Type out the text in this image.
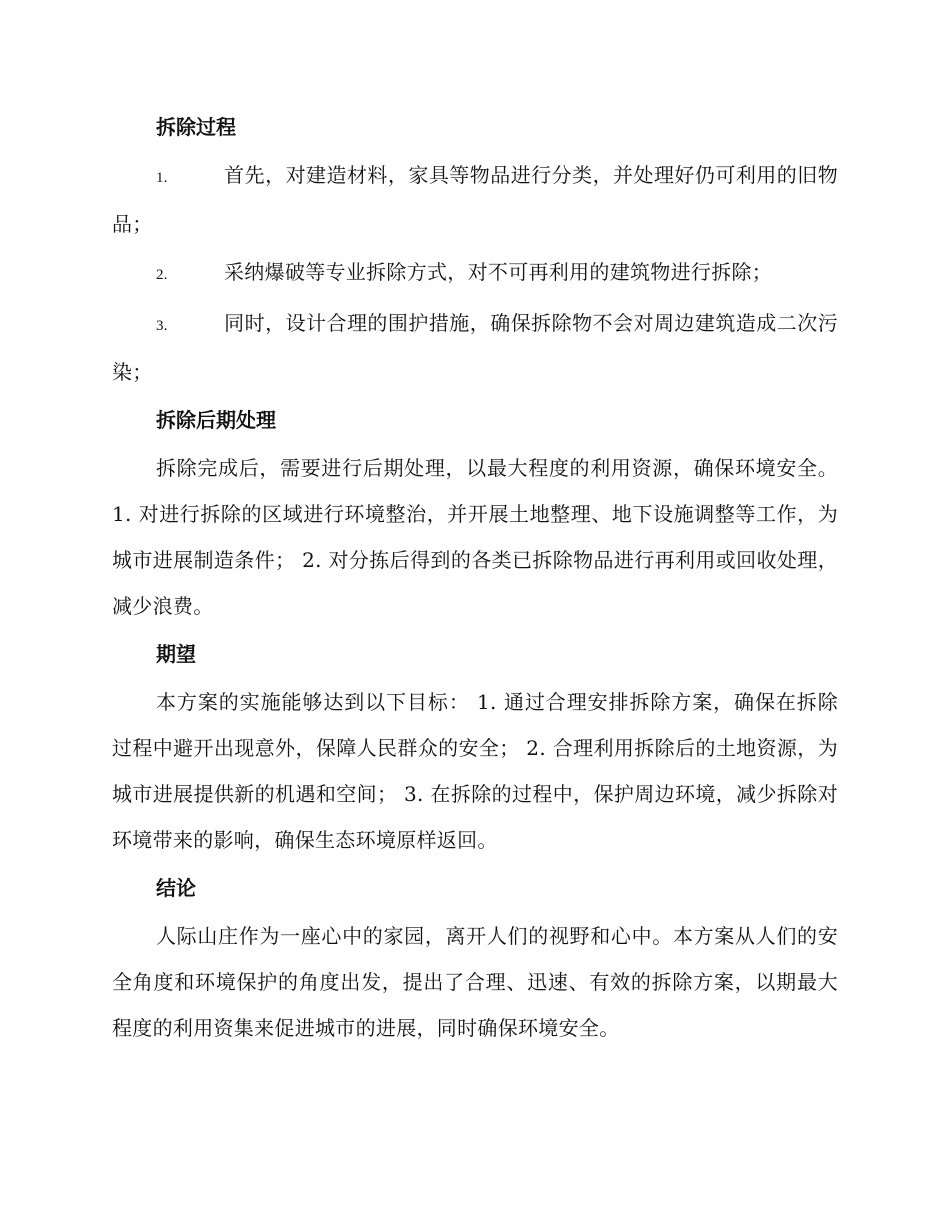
拆除过程
1.	首先，对建造材料，家具等物品进行分类，并处理好仍可利用的旧物品；
2.	采纳爆破等专业拆除方式，对不可再利用的建筑物进行拆除；
3.	同时，设计合理的围护措施，确保拆除物不会对周边建筑造成二次污染；
拆除后期处理
拆除完成后，需要进行后期处理，以最大程度的利用资源，确保环境安全。 1. 对进行拆除的区域进行环境整治，并开展土地整理、地下设施调整等工作，为城市进展制造条件； 2. 对分拣后得到的各类已拆除物品进行再利用或回收处理，减少浪费。
期望
本方案的实施能够达到以下目标： 1. 通过合理安排拆除方案，确保在拆除过程中避开出现意外，保障人民群众的安全； 2. 合理利用拆除后的土地资源，为城市进展提供新的机遇和空间； 3. 在拆除的过程中，保护周边环境，减少拆除对环境带来的影响，确保生态环境原样返回。
结论
人际山庄作为一座心中的家园，离开人们的视野和心中。本方案从人们的安全角度和环境保护的角度出发，提出了合理、迅速、有效的拆除方案，以期最大程度的利用资集来促进城市的进展，同时确保环境安全。
